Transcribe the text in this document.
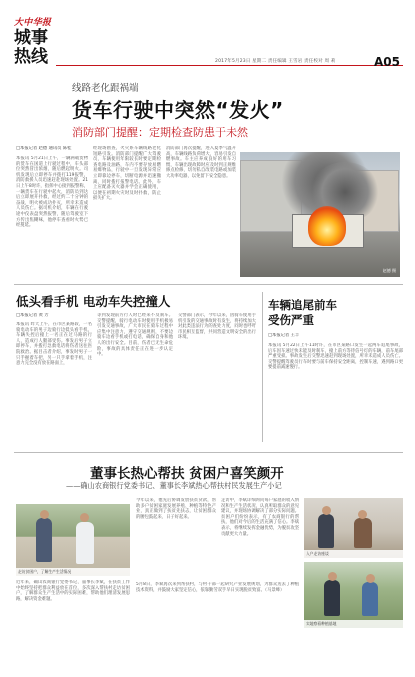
大中华报
城事热线	2017年5月23日 星期二 责任编辑 王雪岩 责任校对 周 莉	A05
线路老化跟祸端
货车行驶中突然“发火”
消防部门提醒：定期检查防患于未然
□本报记者 赵德 通讯员 陈桂
本报讯 5月21日上午，一辆满载货物的货车在国道上行驶过程中，车头部位突然冒出浓烟，随后燃起明火。司机发现后立即停车并拨打119报警，消防救援人员迅速赶赴现场处置。21日上午8时许，指挥中心接到报警称，一辆货车在行驶中起火，消防员到达后立即展开扑救，经过约二十分钟的奋战，明火被成功扑灭，所幸未造成人员伤亡。据司机介绍，车辆在行驶途中仪表盘突然报警，随后驾驶室下方传出焦糊味，他停车查看时火势已经蔓延。
经现场勘查，火灾系车辆线路老化短路引发。消防部门提醒广大驾驶员，车辆使用年限较长时要定期检查电路及油路，车内不要存放易燃易爆物品，行驶中一旦发现异常应立即靠边停车，切断电源并迅速撤离，同时拨打报警电话。此外，车上应配备灭火器并学会正确使用，以便在初期火灾时及时扑救，防止损失扩大。
消防部门再次提醒，进入夏季气温升高，车辆线路负荷增大，容易引发自燃事故。车主应养成良好的用车习惯，车辆出现故障时应及时到正规维修点检修，切勿私自改装电路或加装大功率电器，以免留下安全隐患。
赵德 摄
低头看手机 电动车失控撞人
□本报记者 黄 芳
本报讯 昨天上午，在市区某路段，一名骑电动车的男子边骑行边低头看手机，车辆失控后撞上一名正在过马路的行人，造成行人腿部受伤。事发后男子立即停车，并拨打急救电话将伤者送往医院救治。据目击者介绍，事发时男子一只手握着车把，另一只手拿着手机，注意力完全没有放在路面上，
等到发现前方行人时已经来不及刹车。交警提醒，骑行电动车时使用手机极易引发交通事故，广大市民在骑车过程中应集中注意力，遵守交通规则，不要边骑车边看手机或打电话，确保自身和他人的出行安全。目前，伤者已无生命危险，事故的具体责任正在进一步认定中。
交警部门表示，今年以来，因骑车使用手机引发的交通事故时有发生，将持续加大对此类违法行为的查处力度，同时也呼吁市民相互监督，共同营造文明安全的出行环境。
车辆追尾前车受伤严重
□本报记者 王丰
本报讯 5月22日上午11时许，在市区某路口发生一起两车追尾事故，后车因车速过快未能及时刹车，撞上前方等待信号灯的车辆，前车尾部严重受损。事故发生后交警迅速赶到现场处置，所幸未造成人员伤亡。交警提醒驾驶员行车时要与前车保持安全距离，控制车速，遇到路口更要提前减速慢行。
董事长热心帮扶 贫困户喜笑颜开
——确山农商银行党委书记、董事长李斌热心帮扶村民发展生产小记
走访贫困户，了解生产生活情况
近年来，确山农商银行党委书记、董事长李斌，在扶贫工作中始终坚持把群众利益放在首位，多次深入帮扶村走访贫困户，了解群众生产生活中的实际困难，帮助他们理清发展思路，解决资金难题。
今年以来，他先后协调发放扶贫贷款，帮助多户贫困家庭发展养殖、种植等特色产业，真正做到了扶贫先扶志，让贫困群众的腰包鼓起来、日子好起来。
走访中，李斌详细询问每户家庭的收入情况和生产生活状况，认真听取群众的意见建议，并现场协调解决了部分实际问题。贫困户们纷纷表示，有了农商银行的帮扶，他们对今后的生活充满了信心。李斌表示，将继续发挥金融优势，为脱贫攻坚贡献更大力量。
5月8日，李斌再次来到帮扶村，与村干部一起研究产业发展规划，为群众送去了种植技术资料，并鼓励大家坚定信心，依靠勤劳双手早日实现脱贫致富。（马景峰）
入户走访座谈
实地察看种植基地
